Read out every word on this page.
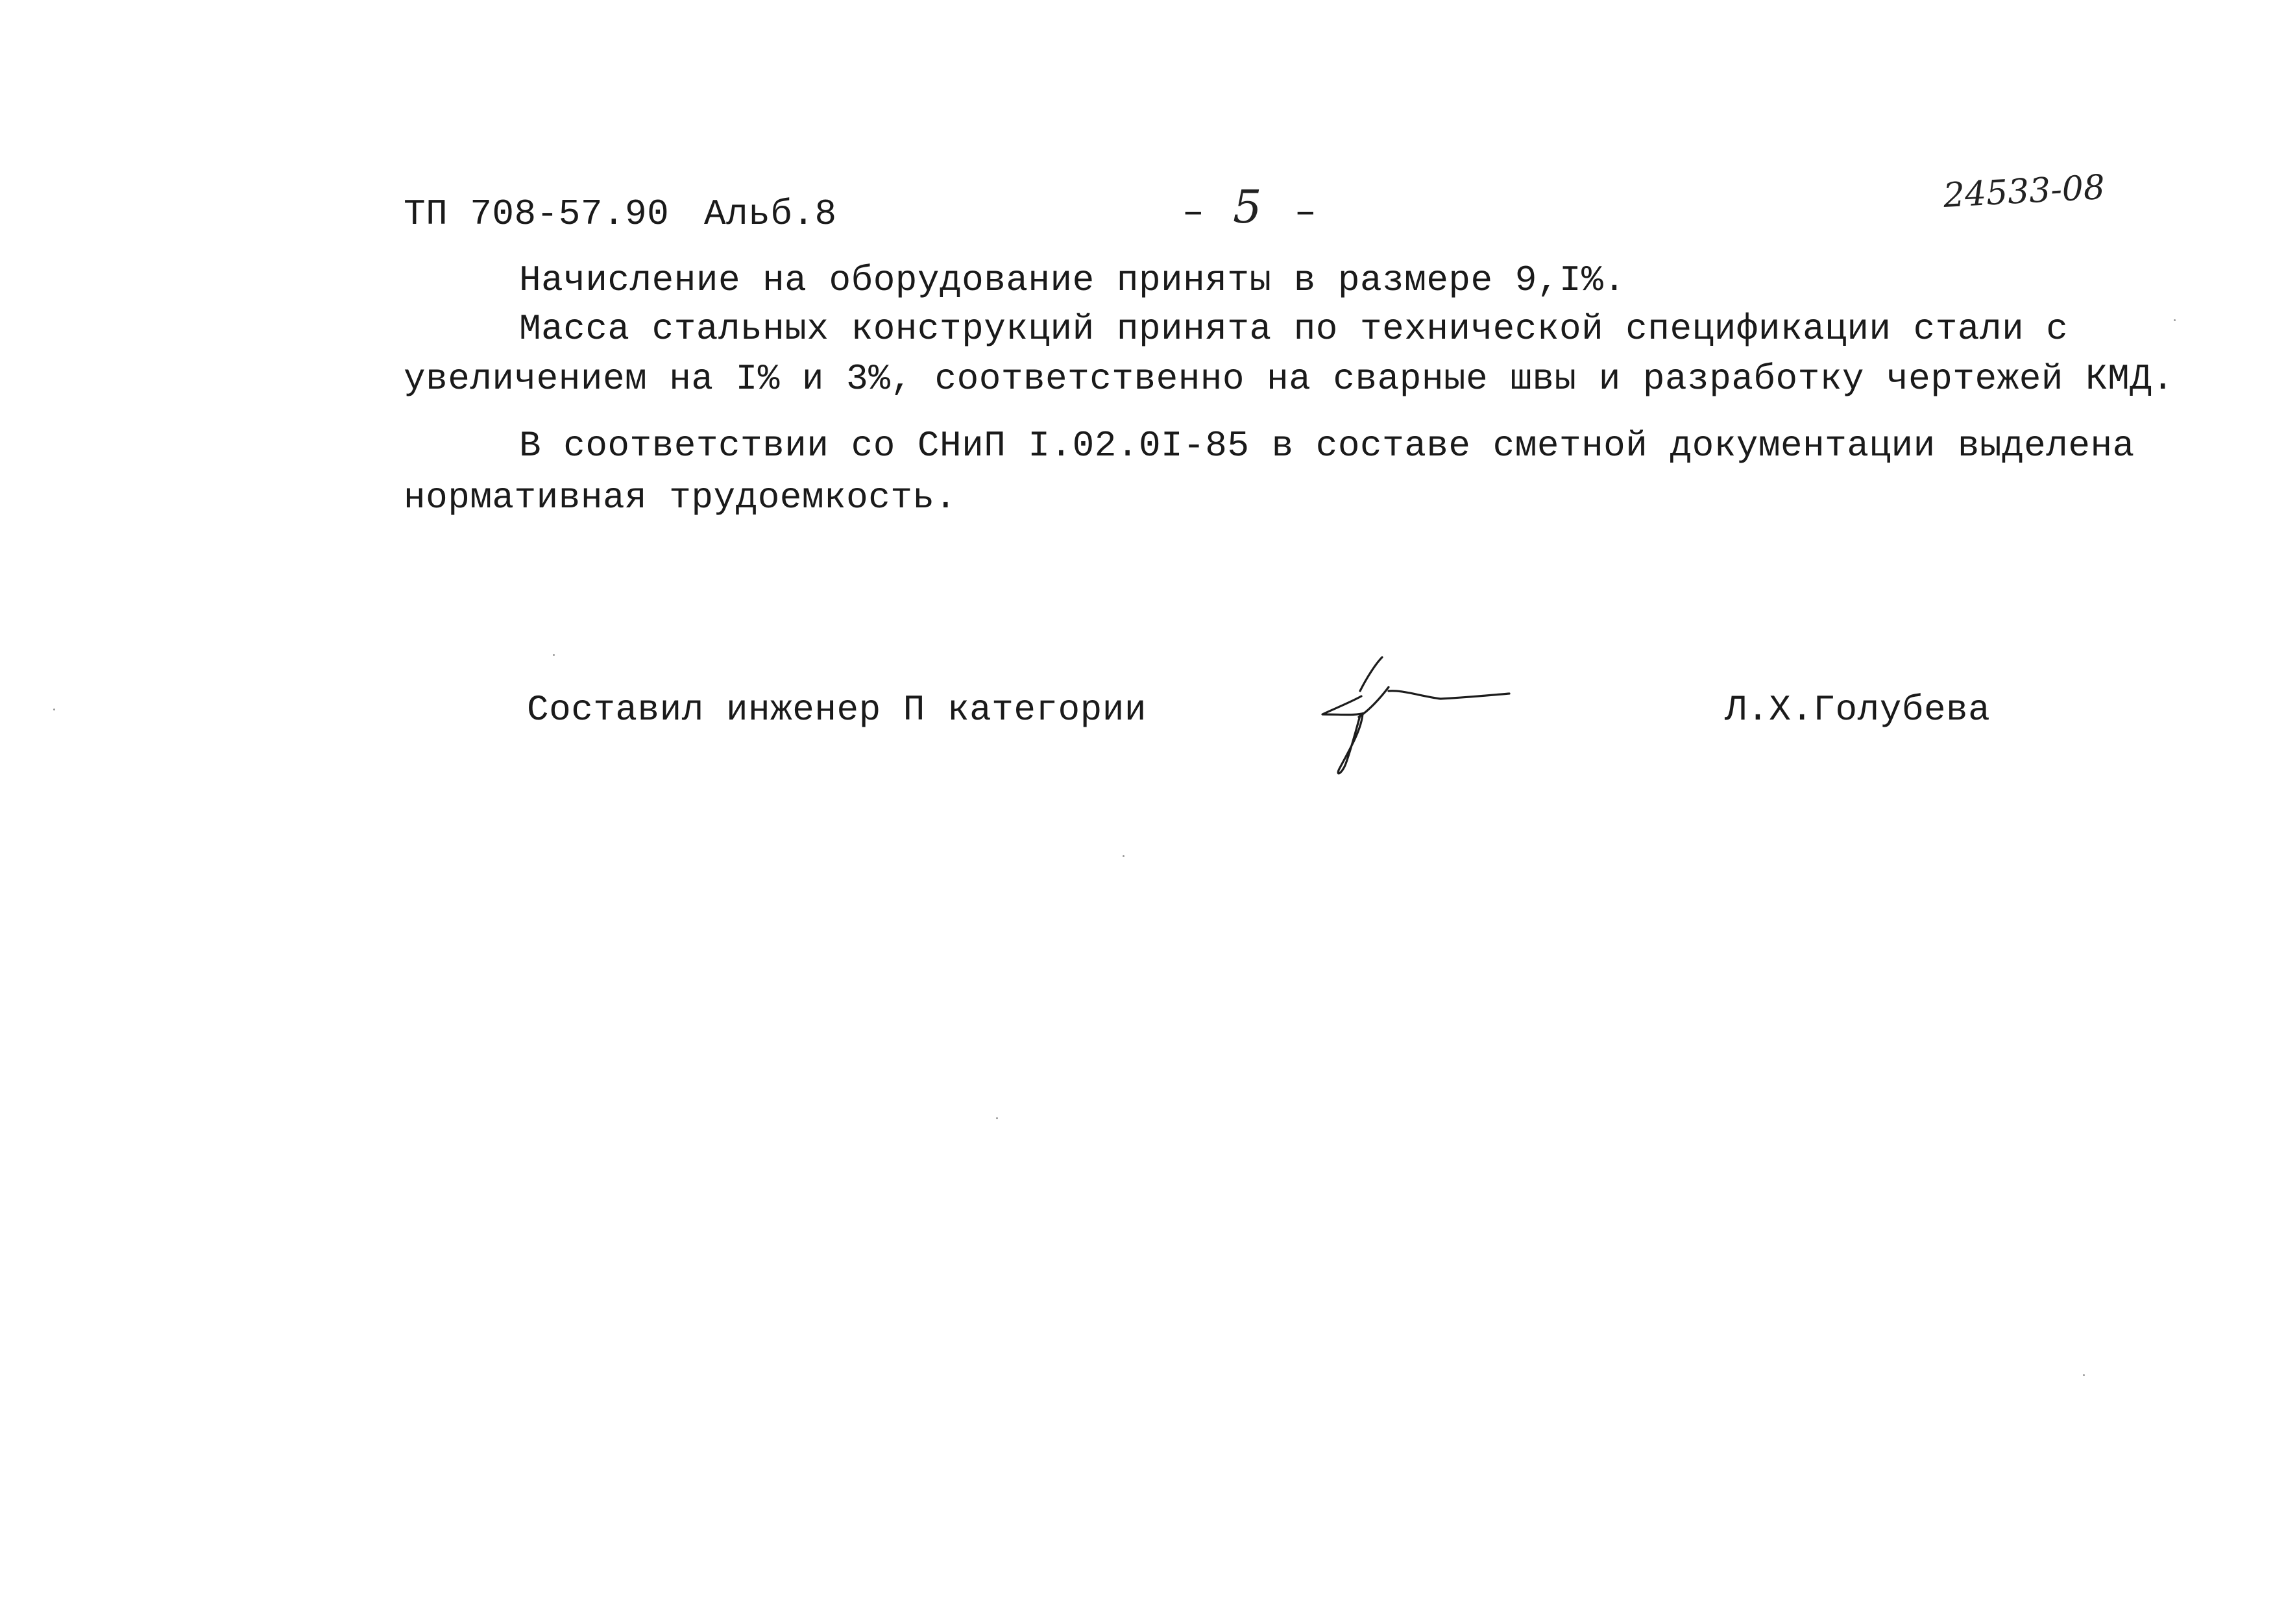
ТП 708-57.90 Альб.8	– 5 –	24533-08
Начисление на оборудование приняты в размере 9,I%.
Масса стальных конструкций принята по технической спецификации стали с
увеличением на I% и 3%, соответственно на сварные швы и разработку чертежей КМД.
В соответствии со СНиП I.02.0I-85 в составе сметной документации выделена
нормативная трудоемкость.
Составил инженер П категории	Л.Х.Голубева
